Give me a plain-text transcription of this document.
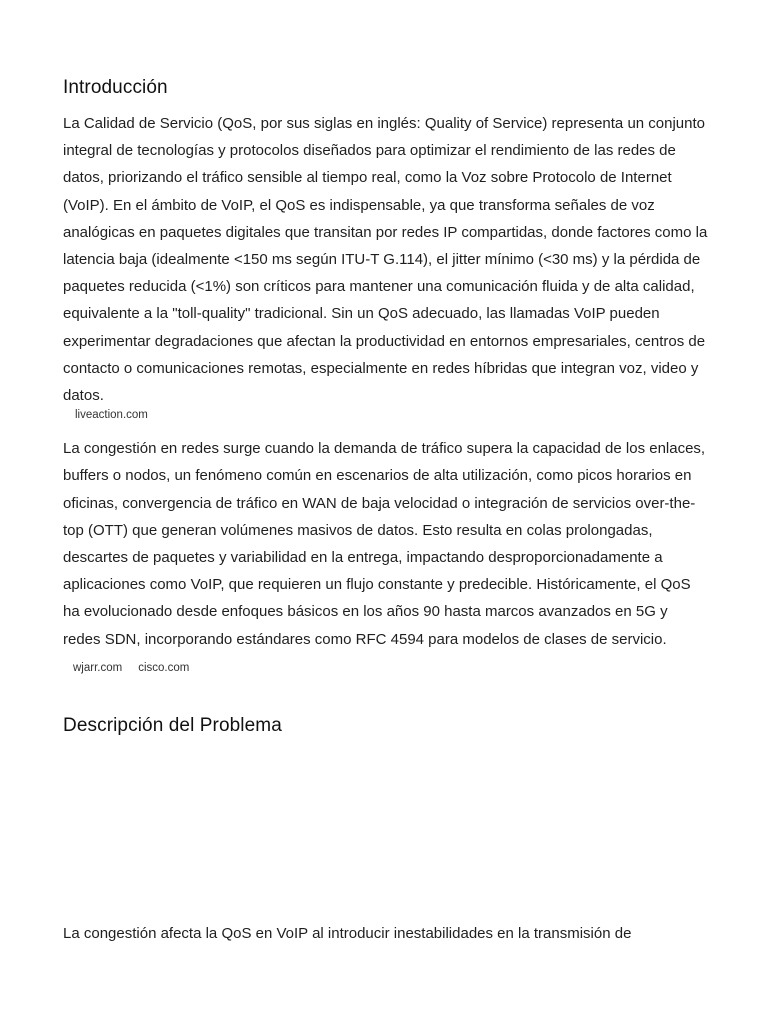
Introducción

La Calidad de Servicio (QoS, por sus siglas en inglés: Quality of Service) representa un conjunto integral de tecnologías y protocolos diseñados para optimizar el rendimiento de las redes de datos, priorizando el tráfico sensible al tiempo real, como la Voz sobre Protocolo de Internet (VoIP). En el ámbito de VoIP, el QoS es indispensable, ya que transforma señales de voz analógicas en paquetes digitales que transitan por redes IP compartidas, donde factores como la latencia baja (idealmente <150 ms según ITU-T G.114), el jitter mínimo (<30 ms) y la pérdida de paquetes reducida (<1%) son críticos para mantener una comunicación fluida y de alta calidad, equivalente a la "toll-quality" tradicional. Sin un QoS adecuado, las llamadas VoIP pueden experimentar degradaciones que afectan la productividad en entornos empresariales, centros de contacto o comunicaciones remotas, especialmente en redes híbridas que integran voz, video y datos.

liveaction.com

La congestión en redes surge cuando la demanda de tráfico supera la capacidad de los enlaces, buffers o nodos, un fenómeno común en escenarios de alta utilización, como picos horarios en oficinas, convergencia de tráfico en WAN de baja velocidad o integración de servicios over-the-top (OTT) que generan volúmenes masivos de datos. Esto resulta en colas prolongadas, descartes de paquetes y variabilidad en la entrega, impactando desproporcionadamente a aplicaciones como VoIP, que requieren un flujo constante y predecible. Históricamente, el QoS ha evolucionado desde enfoques básicos en los años 90 hasta marcos avanzados en 5G y redes SDN, incorporando estándares como RFC 4594 para modelos de clases de servicio.wjarr.com cisco.com

Descripción del Problema

La congestión afecta la QoS en VoIP al introducir inestabilidades en la transmisión de
